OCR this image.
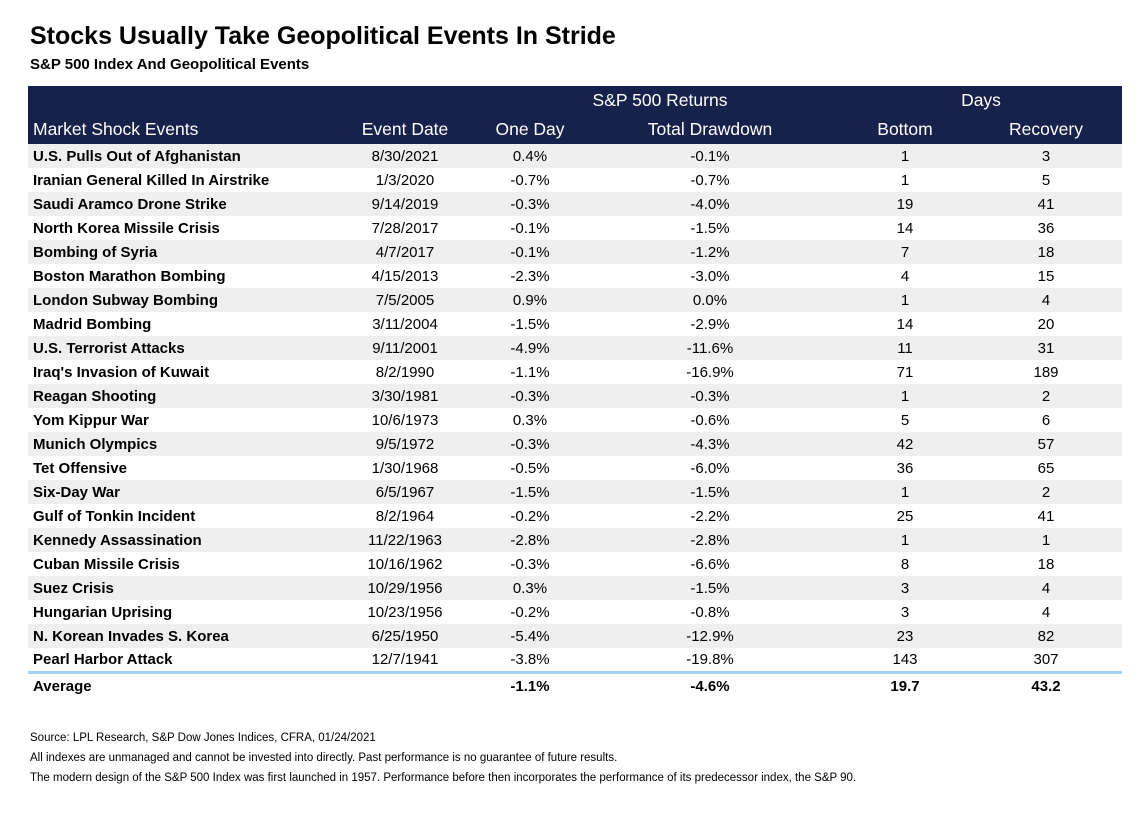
Stocks Usually Take Geopolitical Events In Stride
S&P 500 Index And Geopolitical Events
		S&P 500 Returns		Days	
Market Shock Events	Event Date	One Day	Total Drawdown	Bottom	Recovery
U.S. Pulls Out of Afghanistan	8/30/2021	0.4%	-0.1%	1	3
Iranian General Killed In Airstrike	1/3/2020	-0.7%	-0.7%	1	5
Saudi Aramco Drone Strike	9/14/2019	-0.3%	-4.0%	19	41
North Korea Missile Crisis	7/28/2017	-0.1%	-1.5%	14	36
Bombing of Syria	4/7/2017	-0.1%	-1.2%	7	18
Boston Marathon Bombing	4/15/2013	-2.3%	-3.0%	4	15
London Subway Bombing	7/5/2005	0.9%	0.0%	1	4
Madrid Bombing	3/11/2004	-1.5%	-2.9%	14	20
U.S. Terrorist Attacks	9/11/2001	-4.9%	-11.6%	11	31
Iraq's Invasion of Kuwait	8/2/1990	-1.1%	-16.9%	71	189
Reagan Shooting	3/30/1981	-0.3%	-0.3%	1	2
Yom Kippur War	10/6/1973	0.3%	-0.6%	5	6
Munich Olympics	9/5/1972	-0.3%	-4.3%	42	57
Tet Offensive	1/30/1968	-0.5%	-6.0%	36	65
Six-Day War	6/5/1967	-1.5%	-1.5%	1	2
Gulf of Tonkin Incident	8/2/1964	-0.2%	-2.2%	25	41
Kennedy Assassination	11/22/1963	-2.8%	-2.8%	1	1
Cuban Missile Crisis	10/16/1962	-0.3%	-6.6%	8	18
Suez Crisis	10/29/1956	0.3%	-1.5%	3	4
Hungarian Uprising	10/23/1956	-0.2%	-0.8%	3	4
N. Korean Invades S. Korea	6/25/1950	-5.4%	-12.9%	23	82
Pearl Harbor Attack	12/7/1941	-3.8%	-19.8%	143	307
Average		-1.1%	-4.6%	19.7	43.2
Source: LPL Research, S&P Dow Jones Indices, CFRA, 01/24/2021
All indexes are unmanaged and cannot be invested into directly. Past performance is no guarantee of future results.
The modern design of the S&P 500 Index was first launched in 1957. Performance before then incorporates the performance of its predecessor index, the S&P 90.
